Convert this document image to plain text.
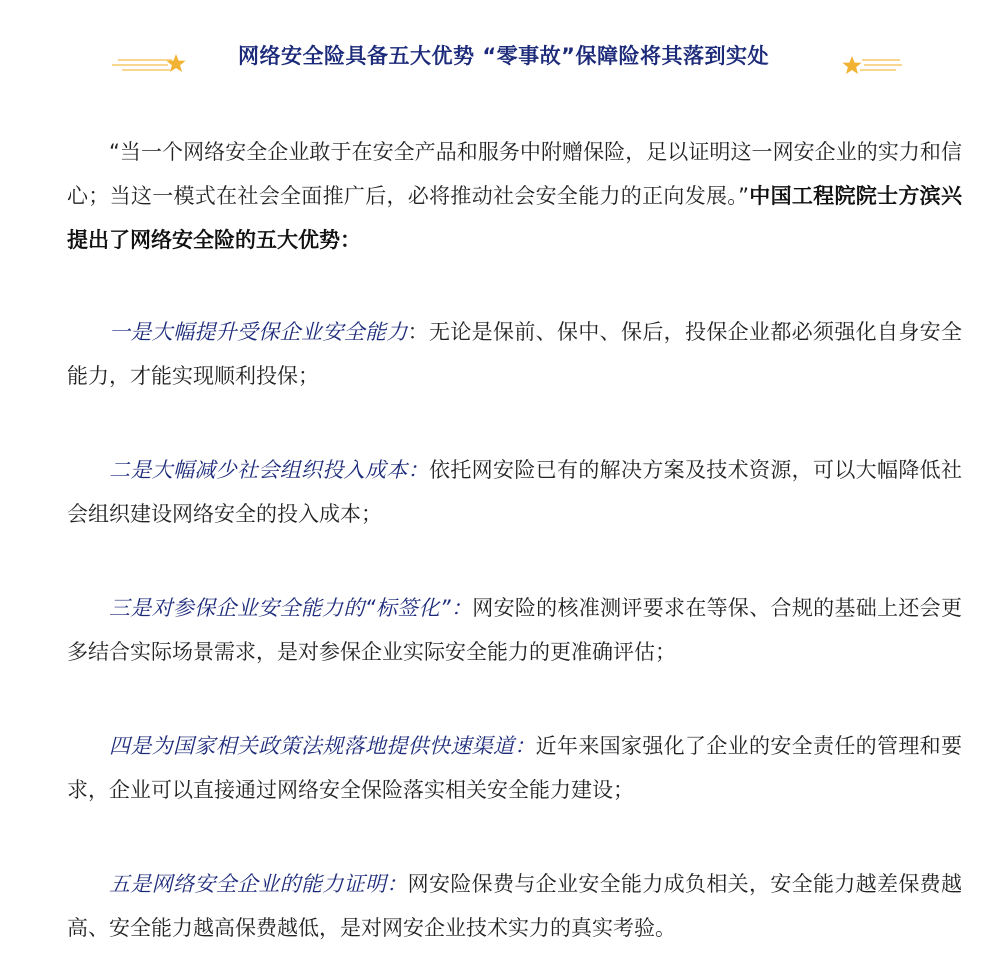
网络安全险具备五大优势 “零事故”保障险将其落到实处

“当一个网络安全企业敢于在安全产品和服务中附赠保险，足以证明这一网安企业的实力和信心；当这一模式在社会全面推广后，必将推动社会安全能力的正向发展。”中国工程院院士方滨兴提出了网络安全险的五大优势：

一是大幅提升受保企业安全能力：无论是保前、保中、保后，投保企业都必须强化自身安全能力，才能实现顺利投保；

二是大幅减少社会组织投入成本：依托网安险已有的解决方案及技术资源，可以大幅降低社会组织建设网络安全的投入成本；

三是对参保企业安全能力的“标签化”：网安险的核准测评要求在等保、合规的基础上还会更多结合实际场景需求，是对参保企业实际安全能力的更准确评估；

四是为国家相关政策法规落地提供快速渠道：近年来国家强化了企业的安全责任的管理和要求，企业可以直接通过网络安全保险落实相关安全能力建设；

五是网络安全企业的能力证明：网安险保费与企业安全能力成负相关，安全能力越差保费越高、安全能力越高保费越低，是对网安企业技术实力的真实考验。
